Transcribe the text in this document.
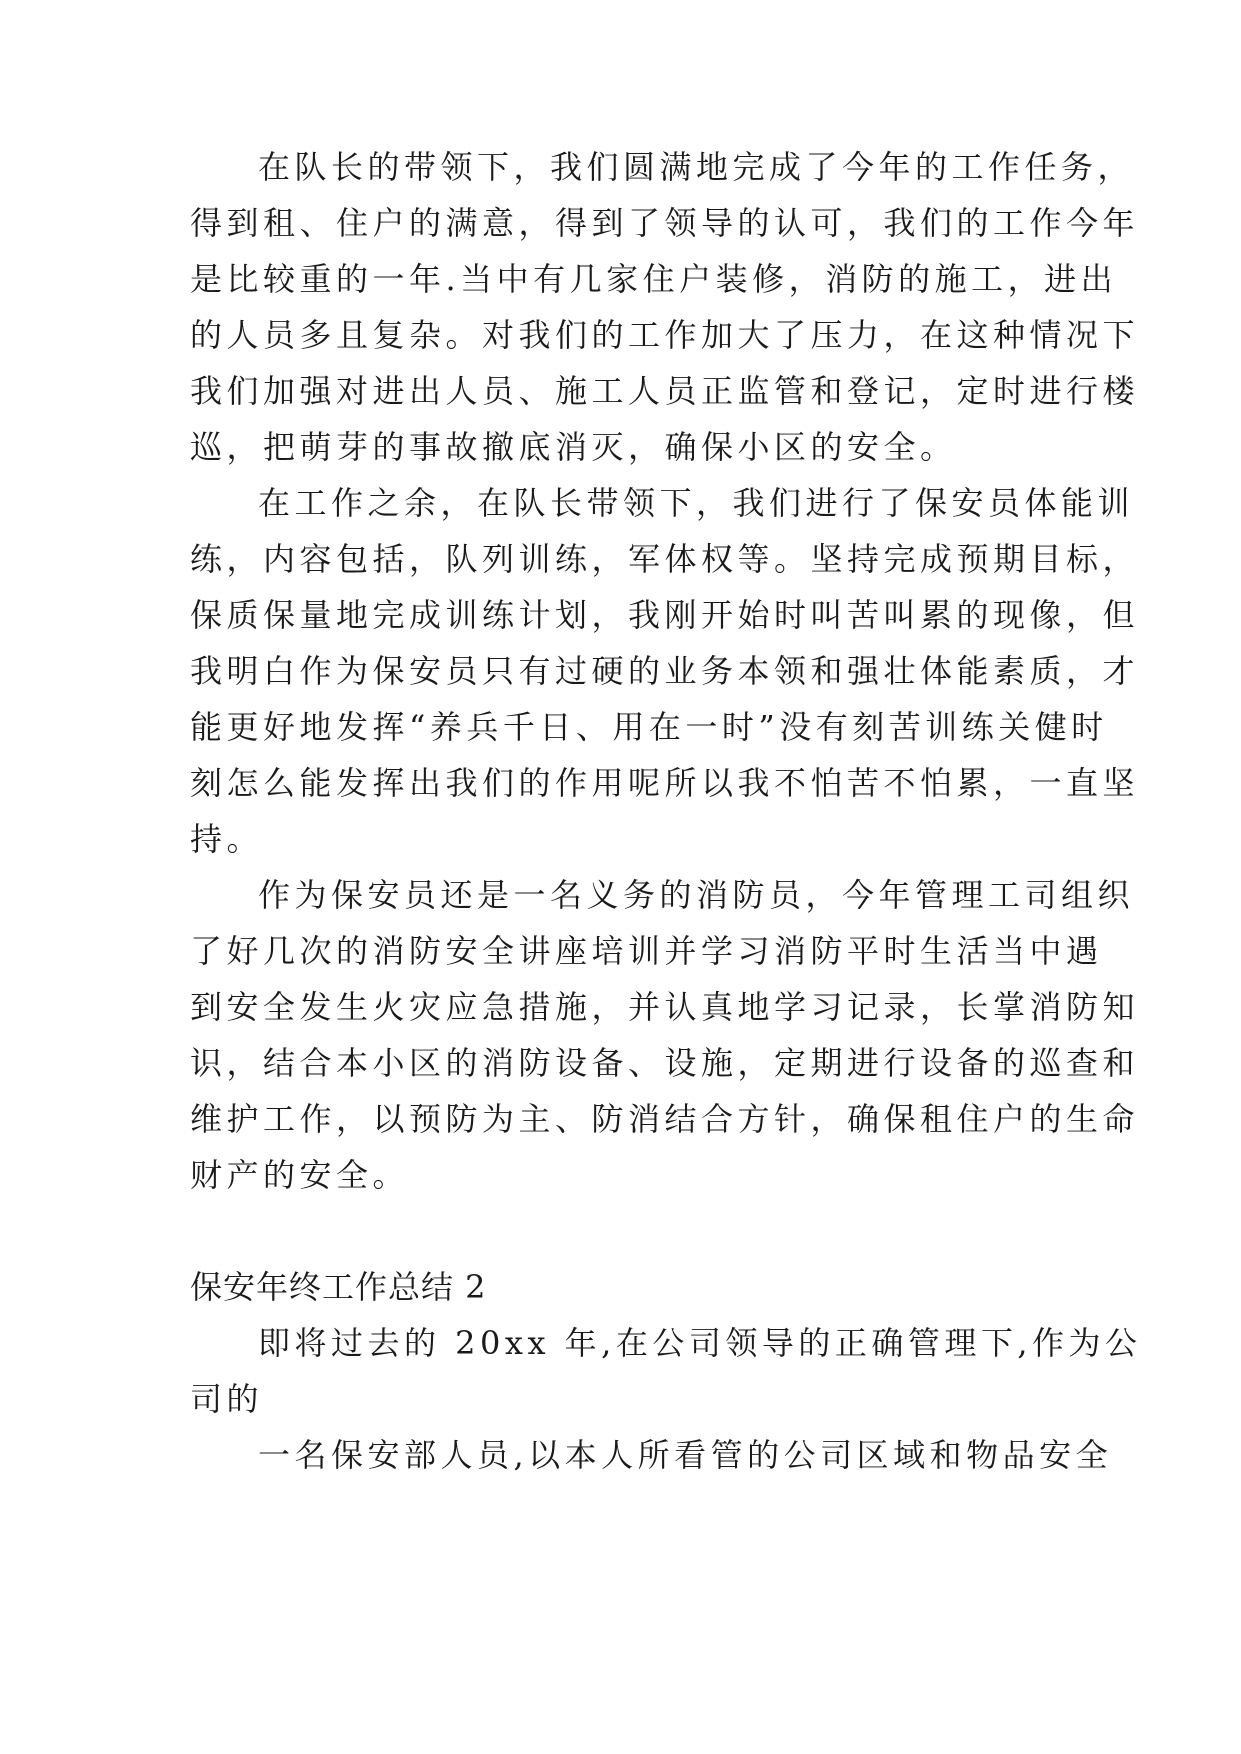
在队长的带领下，我们圆满地完成了今年的工作任务，
得到租、住户的满意，得到了领导的认可，我们的工作今年
是比较重的一年.当中有几家住户装修，消防的施工，进出
的人员多且复杂。对我们的工作加大了压力，在这种情况下
我们加强对进出人员、施工人员正监管和登记，定时进行楼
巡，把萌芽的事故撤底消灭，确保小区的安全。
在工作之余，在队长带领下，我们进行了保安员体能训
练，内容包括，队列训练，军体权等。坚持完成预期目标，
保质保量地完成训练计划，我刚开始时叫苦叫累的现像，但
我明白作为保安员只有过硬的业务本领和强壮体能素质，才
能更好地发挥“养兵千日、用在一时”没有刻苦训练关健时
刻怎么能发挥出我们的作用呢所以我不怕苦不怕累，一直坚
持。
作为保安员还是一名义务的消防员，今年管理工司组织
了好几次的消防安全讲座培训并学习消防平时生活当中遇
到安全发生火灾应急措施，并认真地学习记录，长掌消防知
识，结合本小区的消防设备、设施，定期进行设备的巡查和
维护工作，以预防为主、防消结合方针，确保租住户的生命
财产的安全。
保安年终工作总结 2
即将过去的 20xx 年,在公司领导的正确管理下,作为公
司的
一名保安部人员,以本人所看管的公司区域和物品安全
